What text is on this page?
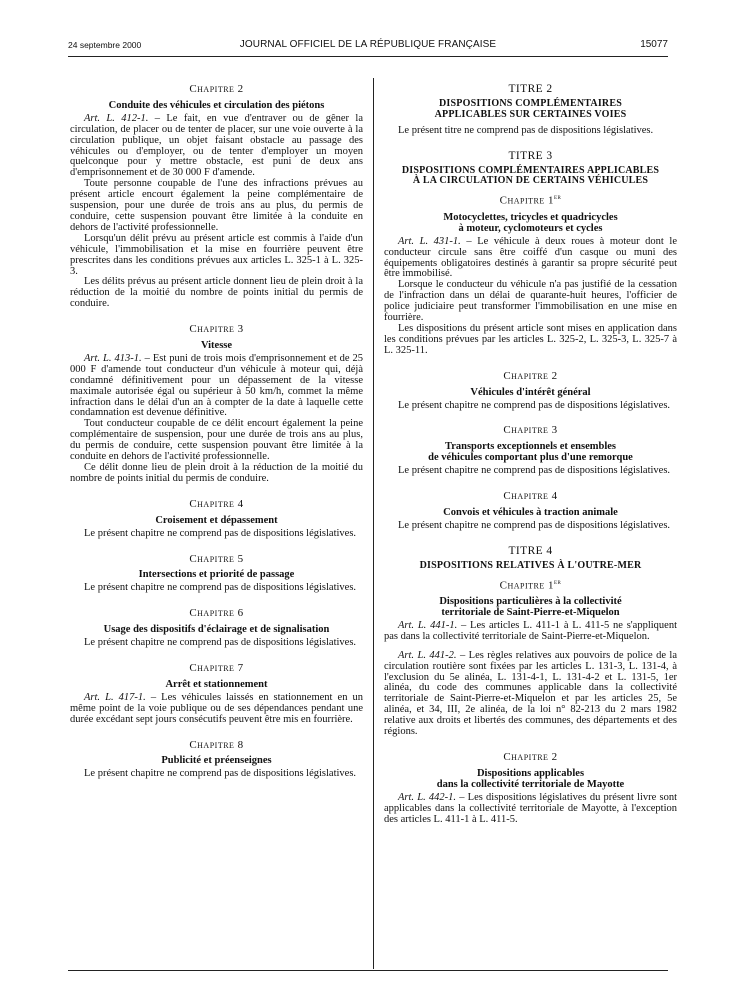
24 septembre 2000	JOURNAL OFFICIEL DE LA RÉPUBLIQUE FRANÇAISE	15077
Chapitre 2
Conduite des véhicules et circulation des piétons

Art. L. 412-1. – Le fait, en vue d'entraver ou de gêner la circulation, de placer ou de tenter de placer, sur une voie ouverte à la circulation publique, un objet faisant obstacle au passage des véhicules ou d'employer, ou de tenter d'employer un moyen quelconque pour y mettre obstacle, est puni de deux ans d'emprisonnement et de 30 000 F d'amende.

Toute personne coupable de l'une des infractions prévues au présent article encourt également la peine complémentaire de suspension, pour une durée de trois ans au plus, du permis de conduire, cette suspension pouvant être limitée à la conduite en dehors de l'activité professionnelle.

Lorsqu'un délit prévu au présent article est commis à l'aide d'un véhicule, l'immobilisation et la mise en fourrière peuvent être prescrites dans les conditions prévues aux articles L. 325-1 à L. 325-3.

Les délits prévus au présent article donnent lieu de plein droit à la réduction de la moitié du nombre de points initial du permis de conduire.

Chapitre 3
Vitesse

Art. L. 413-1. – Est puni de trois mois d'emprisonnement et de 25 000 F d'amende tout conducteur d'un véhicule à moteur qui, déjà condamné définitivement pour un dépassement de la vitesse maximale autorisée égal ou supérieur à 50 km/h, commet la même infraction dans le délai d'un an à compter de la date à laquelle cette condamnation est devenue définitive.

Tout conducteur coupable de ce délit encourt également la peine complémentaire de suspension, pour une durée de trois ans au plus, du permis de conduire, cette suspension pouvant être limitée à la conduite en dehors de l'activité professionnelle.

Ce délit donne lieu de plein droit à la réduction de la moitié du nombre de points initial du permis de conduire.

Chapitre 4
Croisement et dépassement

Le présent chapitre ne comprend pas de dispositions législatives.

Chapitre 5
Intersections et priorité de passage

Le présent chapitre ne comprend pas de dispositions législatives.

Chapitre 6
Usage des dispositifs d'éclairage et de signalisation

Le présent chapitre ne comprend pas de dispositions législatives.

Chapitre 7
Arrêt et stationnement

Art. L. 417-1. – Les véhicules laissés en stationnement en un même point de la voie publique ou de ses dépendances pendant une durée excédant sept jours consécutifs peuvent être mis en fourrière.

Chapitre 8
Publicité et préenseignes

Le présent chapitre ne comprend pas de dispositions législatives.

TITRE 2
DISPOSITIONS COMPLÉMENTAIRES
APPLICABLES SUR CERTAINES VOIES

Le présent titre ne comprend pas de dispositions législatives.

TITRE 3
DISPOSITIONS COMPLÉMENTAIRES APPLICABLES
À LA CIRCULATION DE CERTAINS VÉHICULES
Chapitre 1er
Motocyclettes, tricycles et quadricycles
à moteur, cyclomoteurs et cycles

Art. L. 431-1. – Le véhicule à deux roues à moteur dont le conducteur circule sans être coiffé d'un casque ou muni des équipements obligatoires destinés à garantir sa propre sécurité peut être immobilisé.

Lorsque le conducteur du véhicule n'a pas justifié de la cessation de l'infraction dans un délai de quarante-huit heures, l'officier de police judiciaire peut transformer l'immobilisation en une mise en fourrière.

Les dispositions du présent article sont mises en application dans les conditions prévues par les articles L. 325-2, L. 325-3, L. 325-7 à L. 325-11.

Chapitre 2
Véhicules d'intérêt général

Le présent chapitre ne comprend pas de dispositions législatives.

Chapitre 3
Transports exceptionnels et ensembles
de véhicules comportant plus d'une remorque

Le présent chapitre ne comprend pas de dispositions législatives.

Chapitre 4
Convois et véhicules à traction animale

Le présent chapitre ne comprend pas de dispositions législatives.

TITRE 4
DISPOSITIONS RELATIVES À L'OUTRE-MER
Chapitre 1er
Dispositions particulières à la collectivité
territoriale de Saint-Pierre-et-Miquelon

Art. L. 441-1. – Les articles L. 411-1 à L. 411-5 ne s'appliquent pas dans la collectivité territoriale de Saint-Pierre-et-Miquelon.

Art. L. 441-2. – Les règles relatives aux pouvoirs de police de la circulation routière sont fixées par les articles L. 131-3, L. 131-4, à l'exclusion du 5e alinéa, L. 131-4-1, L. 131-4-2 et L. 131-5, 1er alinéa, du code des communes applicable dans la collectivité territoriale de Saint-Pierre-et-Miquelon et par les articles 25, 5e alinéa, et 34, III, 2e alinéa, de la loi n° 82-213 du 2 mars 1982 relative aux droits et libertés des communes, des départements et des régions.

Chapitre 2
Dispositions applicables
dans la collectivité territoriale de Mayotte

Art. L. 442-1. – Les dispositions législatives du présent livre sont applicables dans la collectivité territoriale de Mayotte, à l'exception des articles L. 411-1 à L. 411-5.
